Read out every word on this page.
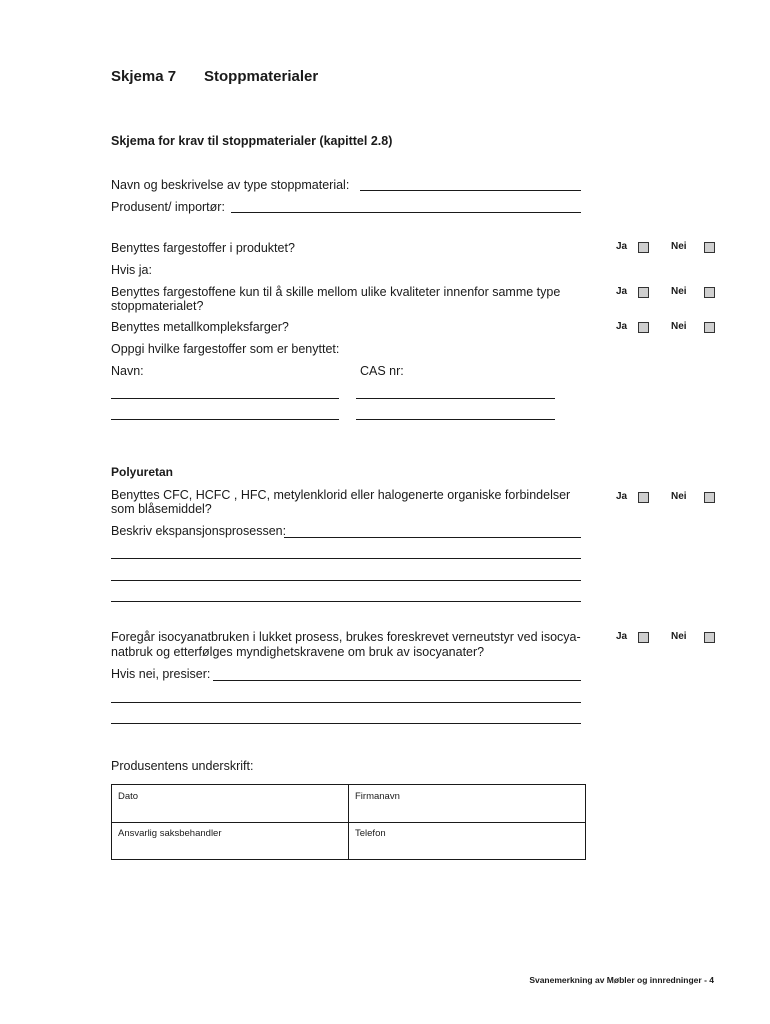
Skjema 7 Stoppmaterialer
Skjema for krav til stoppmaterialer (kapittel 2.8)
Navn og beskrivelse av type stoppmaterial:
Produsent/ importør:
Benyttes fargestoffer i produktet?	Ja	Nei
Hvis ja:
Benyttes fargestoffene kun til å skille mellom ulike kvaliteter innenfor samme type
stoppmaterialet?
Ja	Nei
Benyttes metallkompleksfarger?	Ja	Nei
Oppgi hvilke fargestoffer som er benyttet:
Navn:	CAS nr:
Polyuretan
Benyttes CFC, HCFC , HFC, metylenklorid eller halogenerte organiske forbindelser
som blåsemiddel?
Ja	Nei
Beskriv ekspansjonsprosessen:
Foregår isocyanatbruken i lukket prosess, brukes foreskrevet verneutstyr ved isocya-
natbruk og etterfølges myndighetskravene om bruk av isocyanater?
Ja	Nei
Hvis nei, presiser:
Produsentens underskrift:
Dato	Firmanavn
Ansvarlig saksbehandler	Telefon
Svanemerkning av Møbler og innredninger - 4
